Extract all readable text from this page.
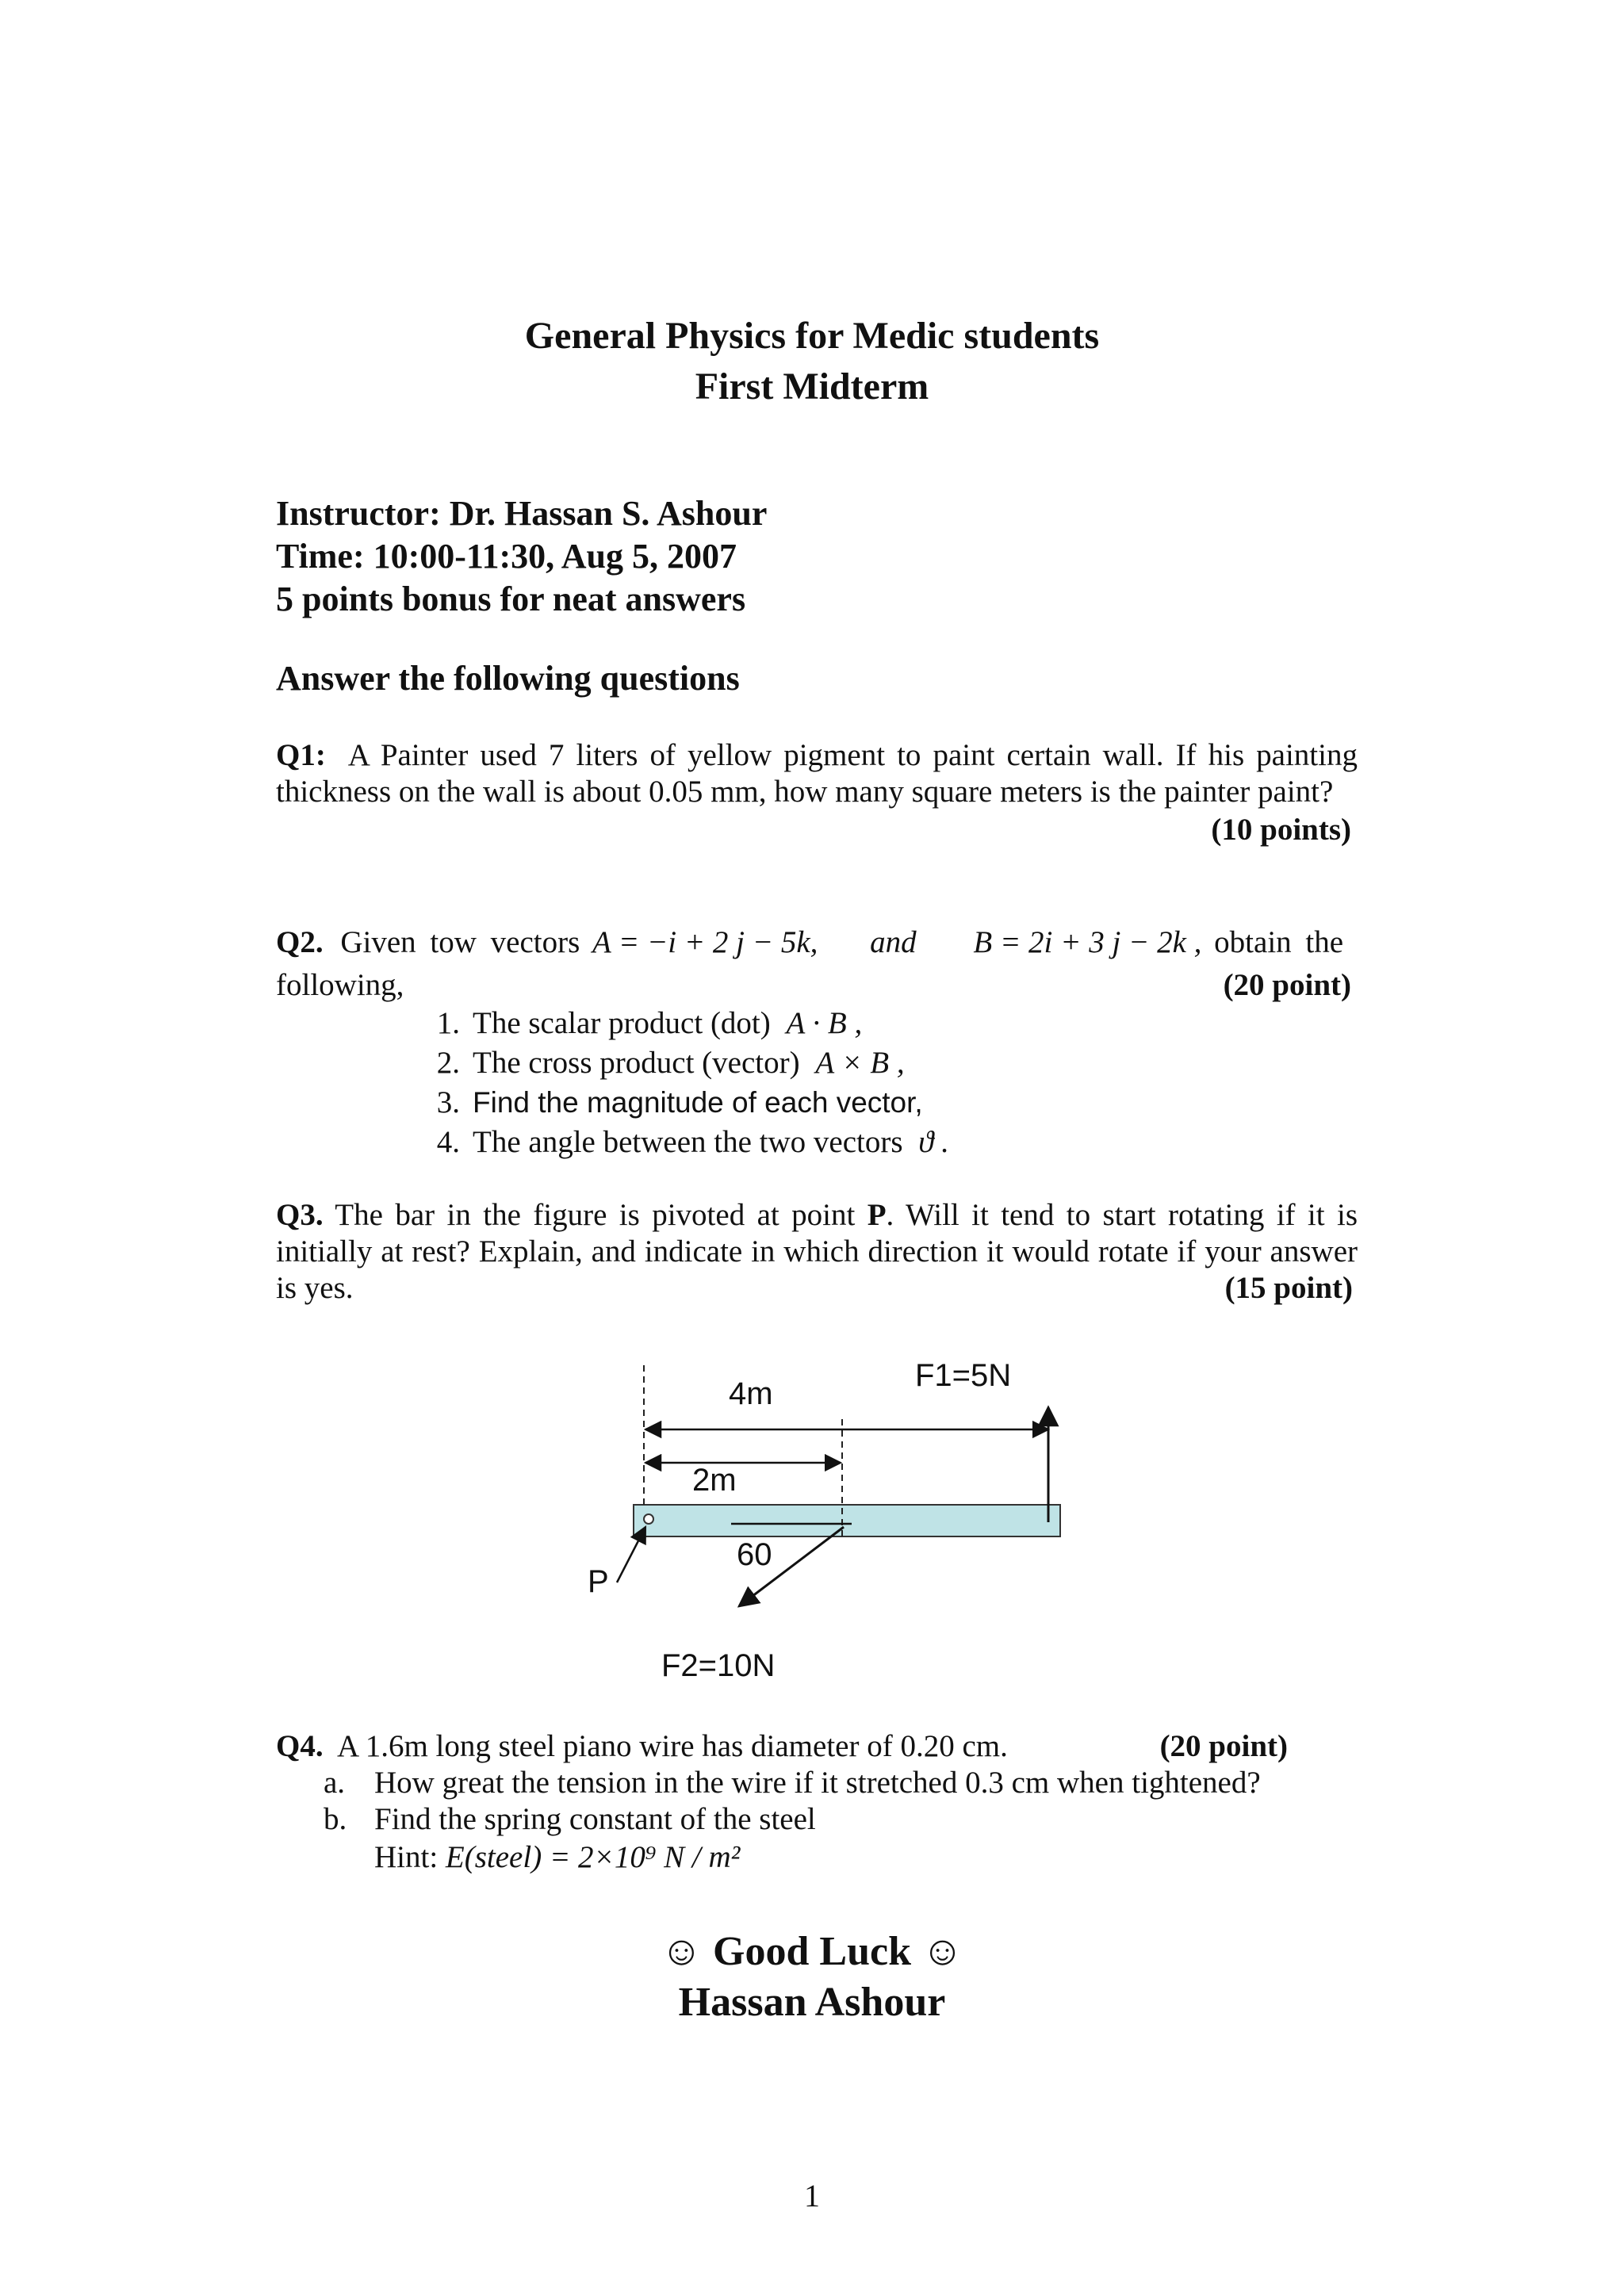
General Physics for Medic students
First Midterm
Instructor: Dr. Hassan S. Ashour
Time: 10:00-11:30, Aug 5, 2007
5 points bonus for neat answers
Answer the following questions
Q1: A Painter used 7 liters of yellow pigment to paint certain wall. If his painting thickness on the wall is about 0.05 mm, how many square meters is the painter paint?
(10 points)
Q2. Given tow vectors A = −i + 2 j − 5k, and B = 2i + 3 j − 2k , obtain the
following,	(20 point)
1. The scalar product (dot) A · B ,
2. The cross product (vector) A × B ,
3. Find the magnitude of each vector,
4. The angle between the two vectors ϑ .
Q3. The bar in the figure is pivoted at point P. Will it tend to start rotating if it is initially at rest? Explain, and indicate in which direction it would rotate if your answer is yes.	(15 point)
4m
F1=5N
2m
60
P
F2=10N
Q4. A 1.6m long steel piano wire has diameter of 0.20 cm.	(20 point)
a. How great the tension in the wire if it stretched 0.3 cm when tightened?
b. Find the spring constant of the steel
Hint: E(steel) = 2×10⁹ N / m²
☺ Good Luck ☺
Hassan Ashour
1
